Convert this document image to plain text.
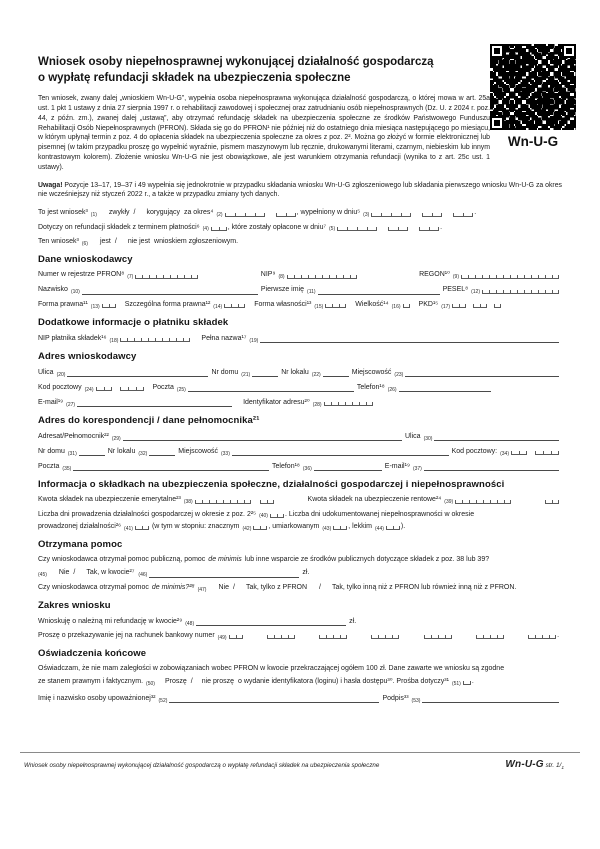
Wn-U-G
Wniosek osoby niepełnosprawnej wykonującej działalność gospodarczą
o wypłatę refundacji składek na ubezpieczenia społeczne

Ten wniosek, zwany dalej „wnioskiem Wn-U-G”, wypełnia osoba niepełnosprawna wykonująca działalność gospodarczą, o której mowa w art. 25a ust. 1 pkt 1 ustawy z dnia 27 sierpnia 1997 r. o rehabilitacji zawodowej i społecznej oraz zatrudnianiu osób niepełnosprawnych (Dz. U. z 2024 r. poz. 44, z późn. zm.), zwanej dalej „ustawą”, aby otrzymać refundację składek na ubezpieczenia społeczne ze środków Państwowego Funduszu Rehabilitacji Osób Niepełnosprawnych (PFRON). Składa się go do PFRON¹ nie później niż do ostatniego dnia miesiąca następującego po miesiącu, w którym upłynął termin z poz. 4 do opłacenia składek na ubezpieczenia społeczne za okres z poz. 2². Można go złożyć w formie elektronicznej lub pisemnej (w takim przypadku proszę go wypełnić wyraźnie, pismem maszynowym lub ręcznie, drukowanymi literami, czarnym, niebieskim lub innym kontrastowym kolorem). Złożenie wniosku Wn-U-G nie jest obowiązkowe, ale jest warunkiem otrzymania refundacji (wynika to z art. 25c ust. 1 ustawy).

Uwaga! Pozycje 13–17, 19–37 i 49 wypełnia się jednokrotnie w przypadku składania wniosku Wn-U-G zgłoszeniowego lub składania pierwszego wniosku Wn-U-G za okres nie wcześniejszy niż styczeń 2022 r., a także w przypadku zmiany tych danych.

To jest wniosek³ (1) zwykły / korygujący za okres⁴ (2)	, wypełniony w dniu⁵ (3)	.
Dotyczy on refundacji składek z terminem płatności⁶ (4)	, które zostały opłacone w dniu⁷ (5)	.
Ten wniosek³ (6) jest / nie jest wnioskiem zgłoszeniowym.
Dane wnioskodawcy
Numer w rejestrze PFRON⁸ (7)	NIP⁹ (8)	REGON¹⁰ (9)
Nazwisko (10)	Pierwsze imię (11)	PESEL⁸ (12)
Forma prawna¹¹ (13)	Szczególna forma prawna¹² (14)	Forma własności¹³ (15)	Wielkość¹⁴ (16)	PKD¹⁵ (17)
Dodatkowe informacje o płatniku składek
NIP płatnika składek¹⁶ (18)	Pełna nazwa¹⁷ (19)
Adres wnioskodawcy
Ulica (20)	Nr domu (21)	Nr lokalu (22)	Miejscowość (23)
Kod pocztowy (24)	Poczta (25)	Telefon¹⁸ (26)
E-mail¹⁹ (27)	Identyfikator adresu²⁰ (28)
Adres do korespondencji / dane pełnomocnika²¹
Adresat/Pełnomocnik²² (29)	Ulica (30)
Nr domu (31)	Nr lokalu (32)	Miejscowość (33)	Kod pocztowy: (34)
Poczta (35)	Telefon¹⁸ (36)	E-mail¹⁹ (37)
Informacja o składkach na ubezpieczenia społeczne, działalności gospodarczej i niepełnosprawności
Kwota składek na ubezpieczenie emerytalne²³ (38)	Kwota składek na ubezpieczenie rentowe²⁴ (39)
Liczba dni prowadzenia działalności gospodarczej w okresie z poz. 2²⁵ (40) . Liczba dni udokumentowanej niepełnosprawności w okresie
prowadzonej działalności²⁶ (41)	(w tym w stopniu: znacznym (42) , umiarkowanym (43) , lekkim (44) ).
Otrzymana pomoc
Czy wnioskodawca otrzymał pomoc publiczną, pomoc de minimis lub inne wsparcie ze środków publicznych dotyczące składek z poz. 38 lub 39?
(45) Nie / Tak, w kwocie²⁷ (46)	zł.
Czy wnioskodawca otrzymał pomoc de minimis?²⁸ (47) Nie / Tak, tylko z PFRON / Tak, tylko inną niż z PFRON lub również inną niż z PFRON.
Zakres wniosku
Wnioskuję o należną mi refundację w kwocie²⁹ (48)	zł.
Proszę o przekazywanie jej na rachunek bankowy numer (49)	.
Oświadczenia końcowe
Oświadczam, że nie mam zaległości w zobowiązaniach wobec PFRON w kwocie przekraczającej ogółem 100 zł. Dane zawarte we wniosku są zgodne
ze stanem prawnym i faktycznym. (50) Proszę / nie proszę o wydanie identyfikatora (loginu) i hasła dostępu³⁰. Prośba dotyczy³¹ (51) .
Imię i nazwisko osoby upoważnionej³² (52)	Podpis³³ (53)
Wniosek osoby niepełnosprawnej wykonującej działalność gospodarczą o wypłatę refundacji składek na ubezpieczenia społeczne	Wn-U-G str. $1/_1$
